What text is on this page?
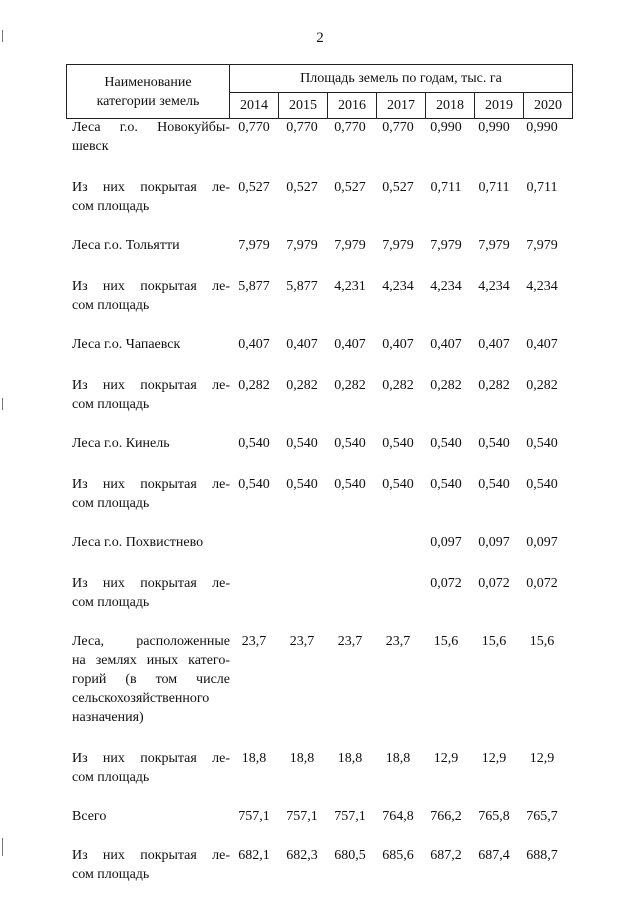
2
Наименование
категории земель	Площадь земель по годам, тыс. га						
	2014	2015	2016	2017	2018	2019	2020
Леса г.о. Новокуйбы-
шевск	0,770	0,770	0,770	0,770	0,990	0,990	0,990

Из них покрытая ле-
сом площадь	0,527	0,527	0,527	0,527	0,711	0,711	0,711

Леса г.о. Тольятти	7,979	7,979	7,979	7,979	7,979	7,979	7,979

Из них покрытая ле-
сом площадь	5,877	5,877	4,231	4,234	4,234	4,234	4,234

Леса г.о. Чапаевск	0,407	0,407	0,407	0,407	0,407	0,407	0,407

Из них покрытая ле-
сом площадь	0,282	0,282	0,282	0,282	0,282	0,282	0,282

Леса г.о. Кинель	0,540	0,540	0,540	0,540	0,540	0,540	0,540

Из них покрытая ле-
сом площадь	0,540	0,540	0,540	0,540	0,540	0,540	0,540

Леса г.о. Похвистнево					0,097	0,097	0,097

Из них покрытая ле-
сом площадь					0,072	0,072	0,072

Леса, расположенные
на землях иных катего-
горий (в том числе
сельскохозяйственного
назначения)	23,7	23,7	23,7	23,7	15,6	15,6	15,6

Из них покрытая ле-
сом площадь	18,8	18,8	18,8	18,8	12,9	12,9	12,9

Всего	757,1	757,1	757,1	764,8	766,2	765,8	765,7

Из них покрытая ле-
сом площадь	682,1	682,3	680,5	685,6	687,2	687,4	688,7
